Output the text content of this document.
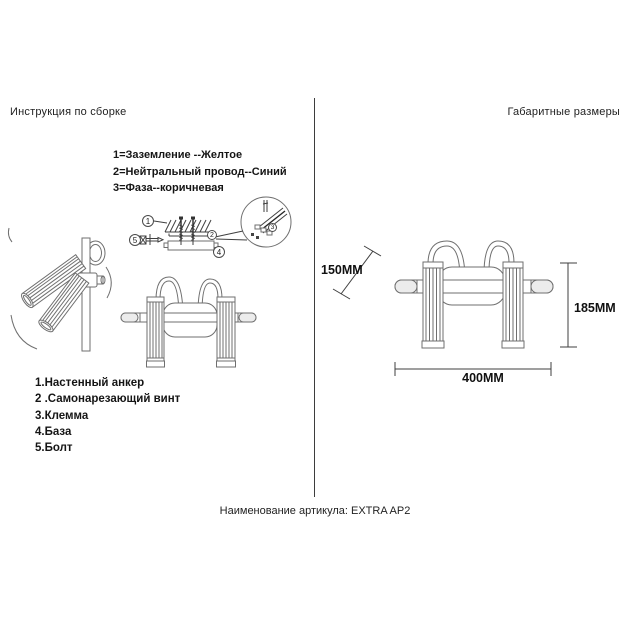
Инструкция по сборке	Габаритные размеры
1=Заземление --Желтое
2=Нейтральный провод--Синий
3=Фаза--коричневая
1.Настенный анкер
2 .Самонарезающий винт
3.Клемма
4.База
5.Болт
Наименование артикула: EXTRA AP2
150MM
185MM
400MM
1
2
3
4
5
